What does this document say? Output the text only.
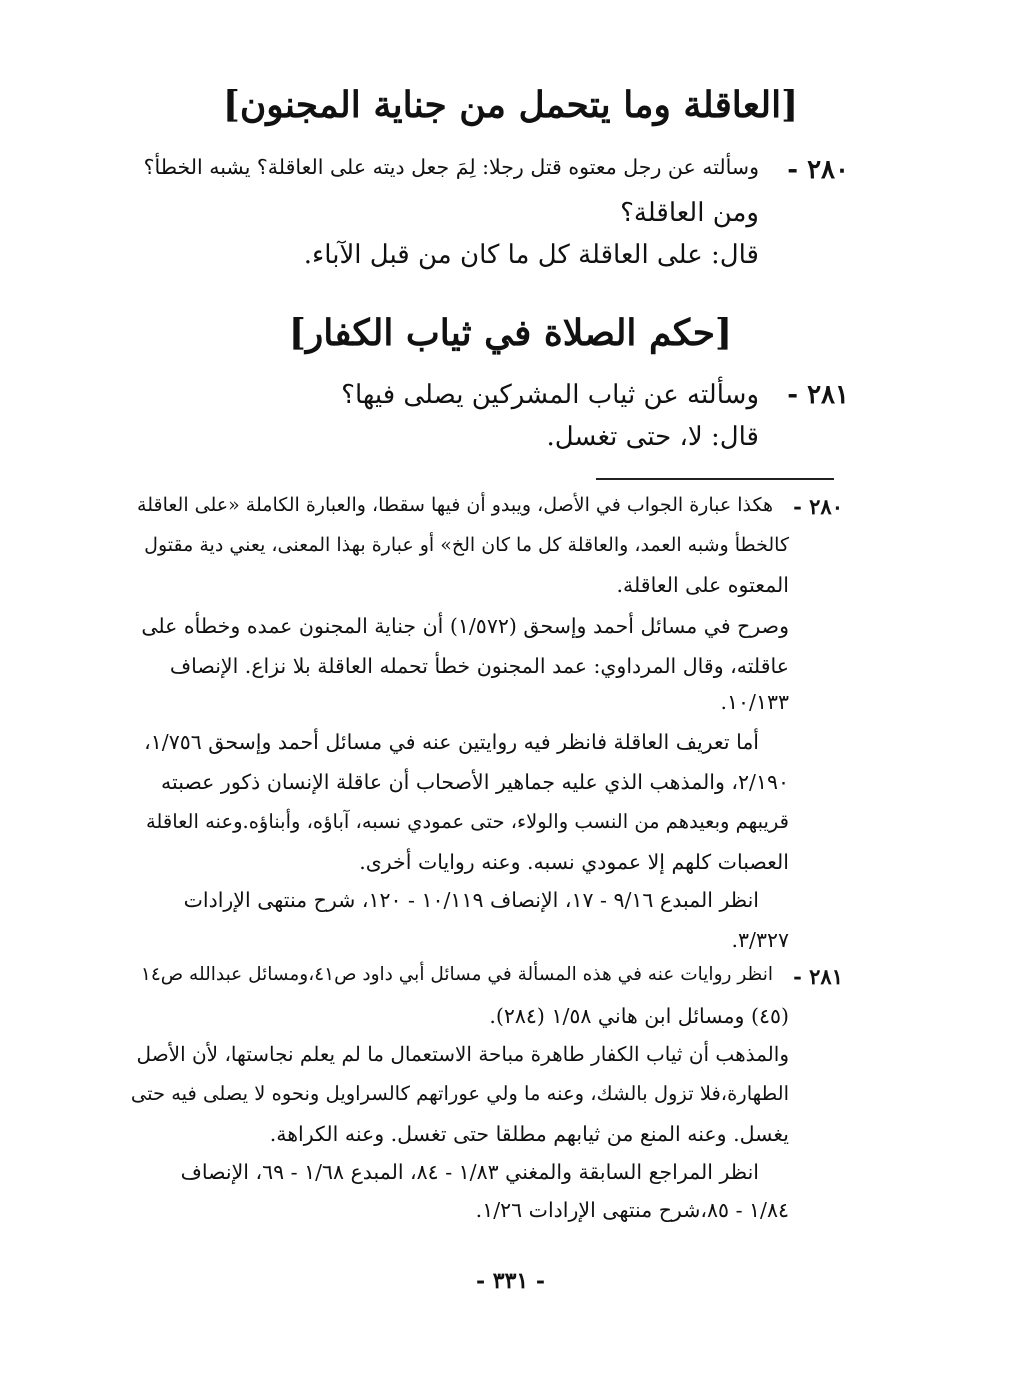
[العاقلة وما يتحمل من جناية المجنون]
٢٨٠ -
وسألته عن رجل معتوه قتل رجلا: لِمَ جعل ديته على العاقلة؟ يشبه الخطأ؟
ومن العاقلة؟
قال: على العاقلة كل ما كان من قبل الآباء.
[حكم الصلاة في ثياب الكفار]
٢٨١ -
وسألته عن ثياب المشركين يصلى فيها؟
قال: لا، حتى تغسل.
٢٨٠ -
هكذا عبارة الجواب في الأصل، ويبدو أن فيها سقطا، والعبارة الكاملة «على العاقلة
كالخطأ وشبه العمد، والعاقلة كل ما كان الخ» أو عبارة بهذا المعنى، يعني دية مقتول
المعتوه على العاقلة.
وصرح في مسائل أحمد وإسحق (١/٥٧٢) أن جناية المجنون عمده وخطأه على
عاقلته، وقال المرداوي: عمد المجنون خطأ تحمله العاقلة بلا نزاع. الإنصاف
١٠/١٣٣.
أما تعريف العاقلة فانظر فيه روايتين عنه في مسائل أحمد وإسحق ١/٧٥٦،
٢/١٩٠، والمذهب الذي عليه جماهير الأصحاب أن عاقلة الإنسان ذكور عصبته
قريبهم وبعيدهم من النسب والولاء، حتى عمودي نسبه، آباؤه، وأبناؤه.وعنه العاقلة
العصبات كلهم إلا عمودي نسبه. وعنه روايات أخرى.
انظر المبدع ٩/١٦ - ١٧، الإنصاف ١٠/١١٩ - ١٢٠، شرح منتهى الإرادات
٣/٣٢٧.
٢٨١ -
انظر روايات عنه في هذه المسألة في مسائل أبي داود ص٤١،ومسائل عبدالله ص١٤
(٤٥) ومسائل ابن هاني ١/٥٨ (٢٨٤).
والمذهب أن ثياب الكفار طاهرة مباحة الاستعمال ما لم يعلم نجاستها، لأن الأصل
الطهارة،فلا تزول بالشك، وعنه ما ولي عوراتهم كالسراويل ونحوه لا يصلى فيه حتى
يغسل. وعنه المنع من ثيابهم مطلقا حتى تغسل. وعنه الكراهة.
انظر المراجع السابقة والمغني ١/٨٣ - ٨٤، المبدع ١/٦٨ - ٦٩، الإنصاف
١/٨٤ - ٨٥،شرح منتهى الإرادات ١/٢٦.
- ٣٣١ -
